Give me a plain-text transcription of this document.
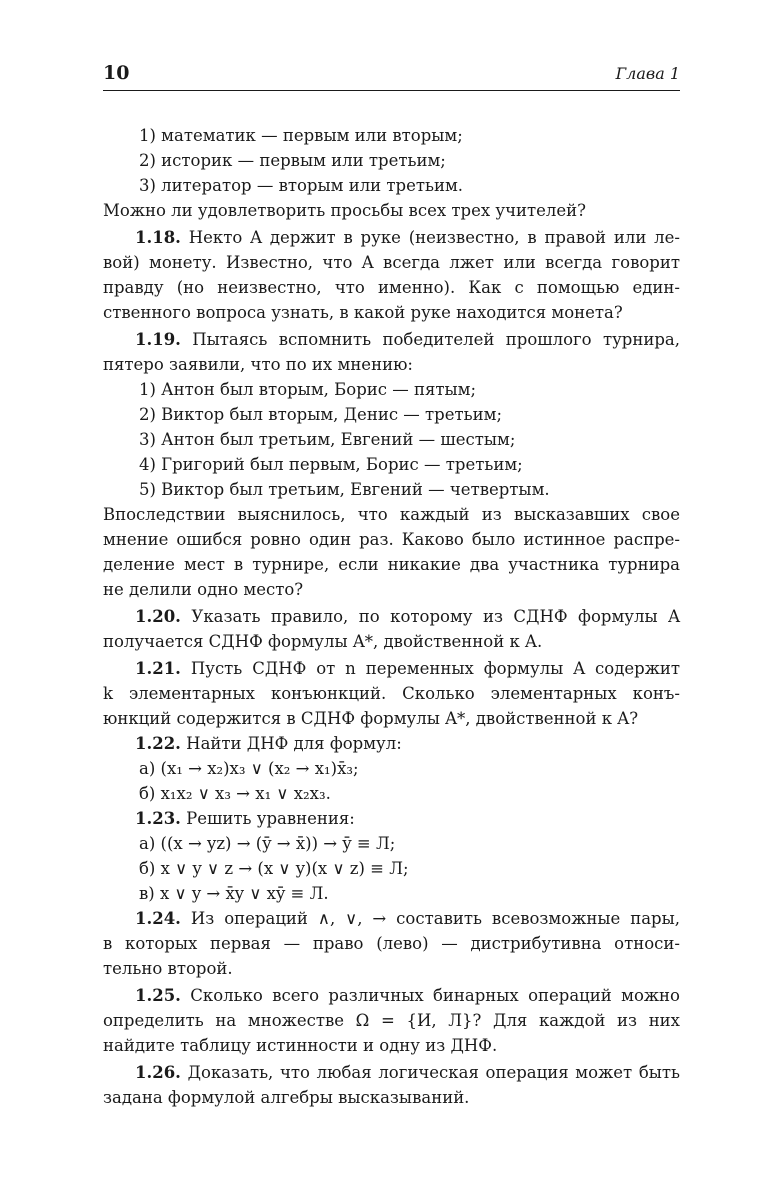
10	Глава 1
1) математик — первым или вторым;
2) историк — первым или третьим;
3) литератор — вторым или третьим.
Можно ли удовлетворить просьбы всех трех учителей?
1.18. Некто A держит в руке (неизвестно, в правой или ле-
вой) монету. Известно, что A всегда лжет или всегда говорит
правду (но неизвестно, что именно). Как с помощью един-
ственного вопроса узнать, в какой руке находится монета?
1.19. Пытаясь вспомнить победителей прошлого турнира,
пятеро заявили, что по их мнению:
1) Антон был вторым, Борис — пятым;
2) Виктор был вторым, Денис — третьим;
3) Антон был третьим, Евгений — шестым;
4) Григорий был первым, Борис — третьим;
5) Виктор был третьим, Евгений — четвертым.
Впоследствии выяснилось, что каждый из высказавших свое
мнение ошибся ровно один раз. Каково было истинное распре-
деление мест в турнире, если никакие два участника турнира
не делили одно место?
1.20. Указать правило, по которому из СДНФ формулы A
получается СДНФ формулы A*, двойственной к A.
1.21. Пусть СДНФ от n переменных формулы A содержит
k элементарных конъюнкций. Сколько элементарных конъ-
юнкций содержится в СДНФ формулы A*, двойственной к A?
1.22. Найти ДНФ для формул:
а) (x₁ → x₂)x₃ ∨ (x₂ → x₁)x̄₃;
б) x₁x₂ ∨ x₃ → x₁ ∨ x₂x₃.
1.23. Решить уравнения:
а) ((x → yz) → (ȳ → x̄)) → ȳ ≡ Л;
б) x ∨ y ∨ z → (x ∨ y)(x ∨ z) ≡ Л;
в) x ∨ y → x̄y ∨ xȳ ≡ Л.
1.24. Из операций ∧, ∨, → составить всевозможные пары,
в которых первая — право (лево) — дистрибутивна относи-
тельно второй.
1.25. Сколько всего различных бинарных операций можно
определить на множестве Ω = {И, Л}? Для каждой из них
найдите таблицу истинности и одну из ДНФ.
1.26. Доказать, что любая логическая операция может быть
задана формулой алгебры высказываний.
